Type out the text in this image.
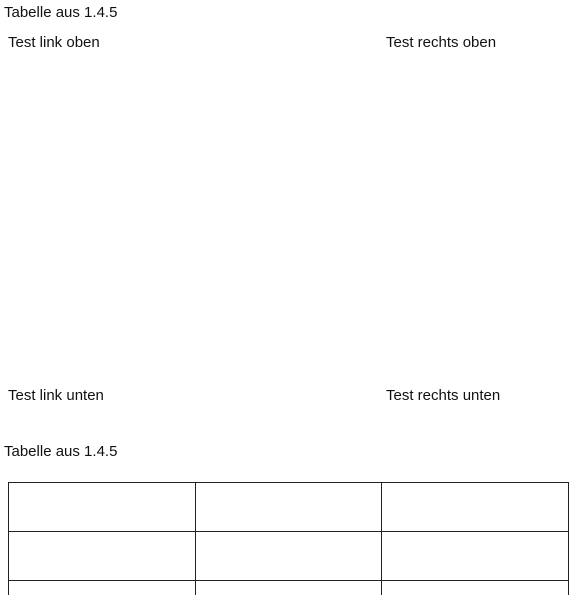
Tabelle aus 1.4.5
Test link oben	Test rechts oben
Test link unten	Test rechts unten
Tabelle aus 1.4.5
